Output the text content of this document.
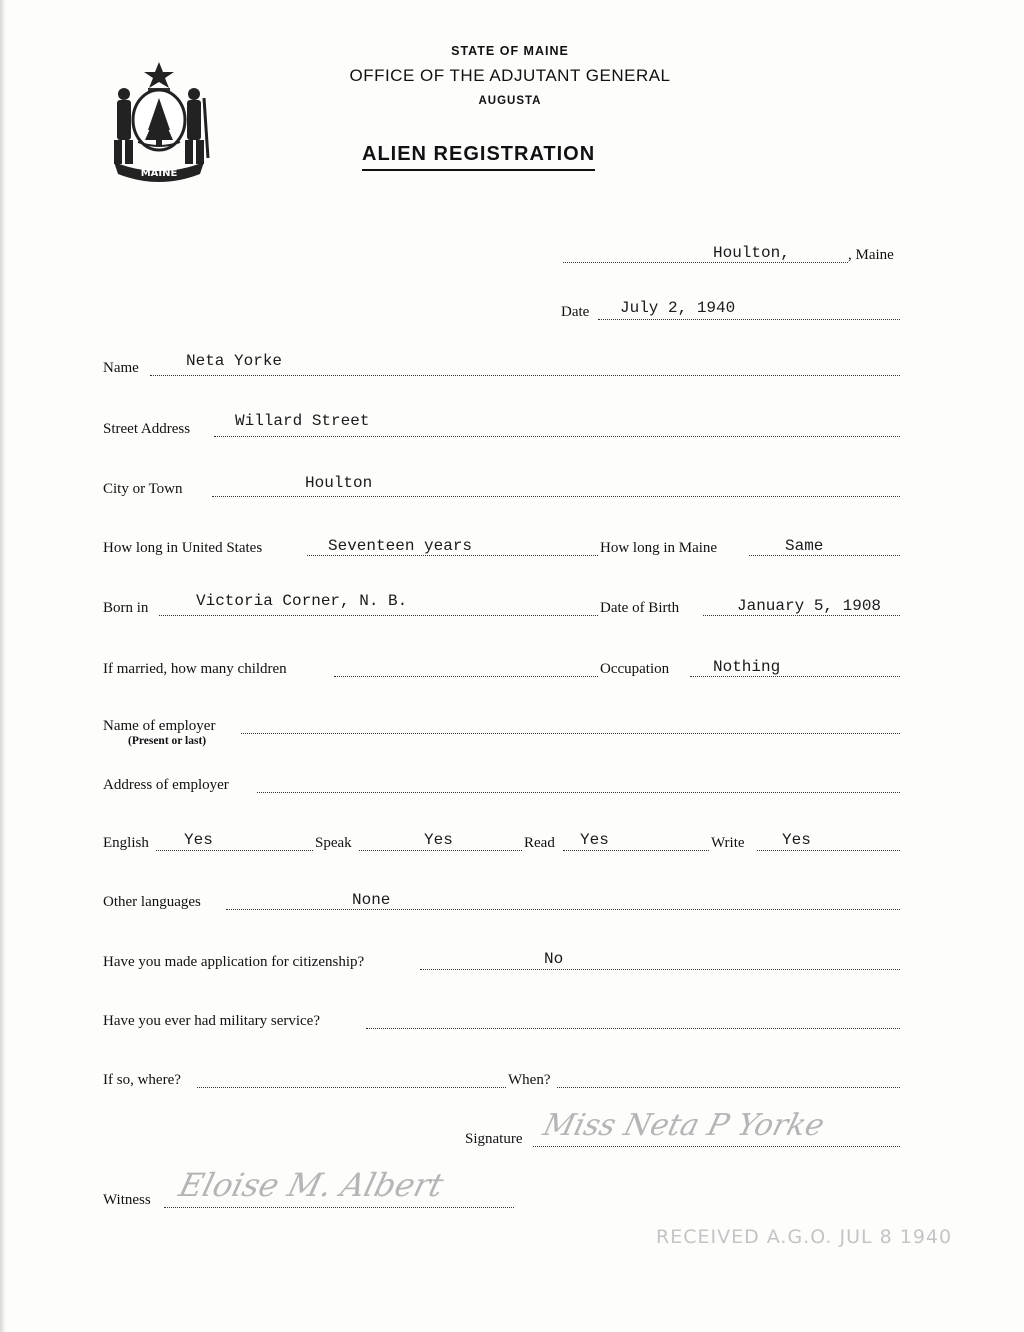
MAINE
STATE OF MAINE
OFFICE OF THE ADJUTANT GENERAL
AUGUSTA
ALIEN REGISTRATION
Houlton,	, Maine
Date July 2, 1940
Name	Neta Yorke
Street Address	Willard Street
City or Town	Houlton
How long in United States	Seventeen years	How long in Maine	Same
Born in	Victoria Corner, N. B.	Date of Birth	January 5, 1908
If married, how many children	Occupation	Nothing
Name of employer
(Present or last)
Address of employer
English Yes	Speak	Yes	Read Yes	Write Yes
Other languages	None
Have you made application for citizenship?	No
Have you ever had military service?
If so, where?	When?
Signature Miss Neta P Yorke
Witness Eloise M. Albert
RECEIVED A.G.O. JUL 8 1940
